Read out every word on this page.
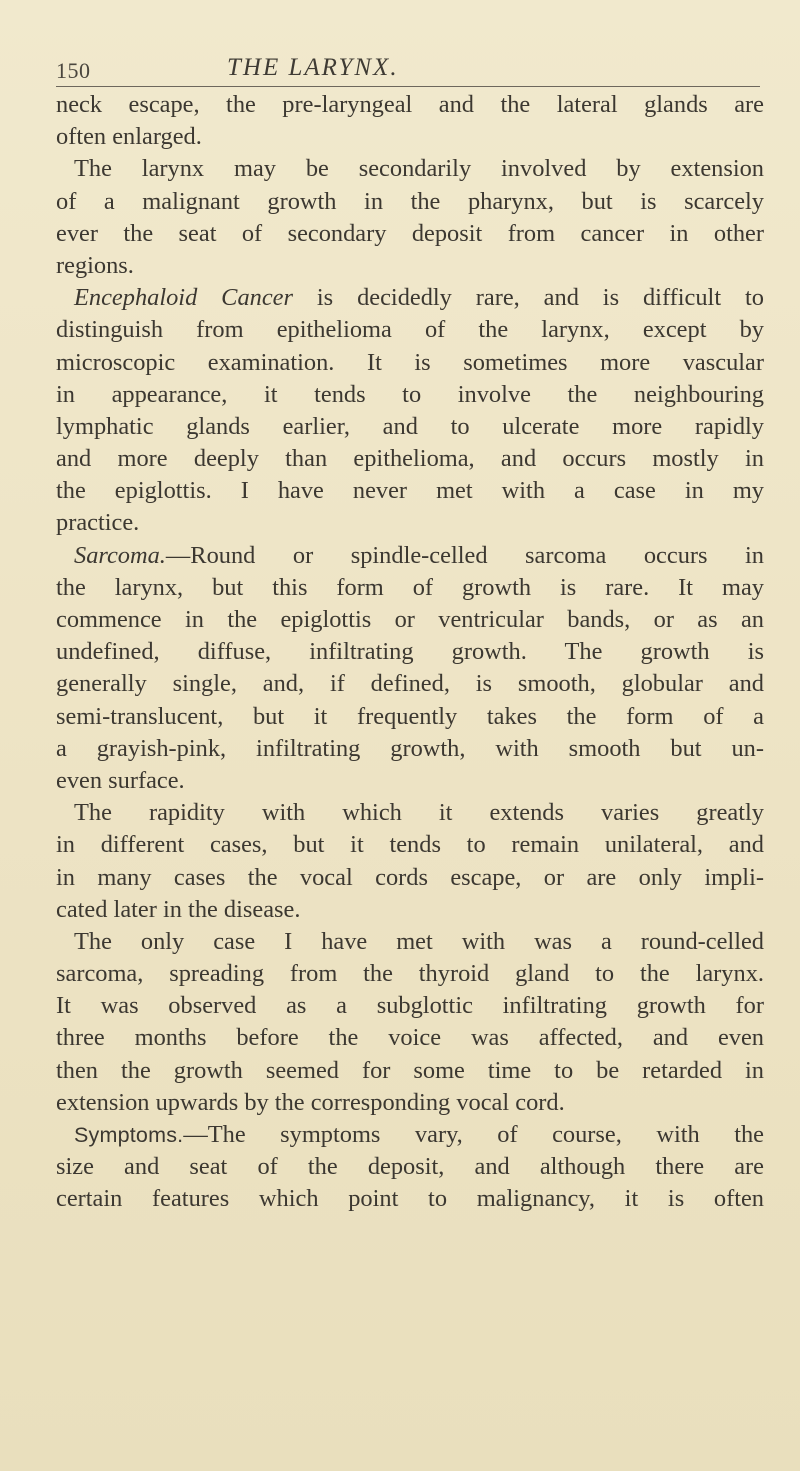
150	THE LARYNX.
neck escape, the pre-laryngeal and the lateral glands are
often enlarged.
The larynx may be secondarily involved by extension
of a malignant growth in the pharynx, but is scarcely
ever the seat of secondary deposit from cancer in other
regions.
Encephaloid Cancer is decidedly rare, and is difficult to
distinguish from epithelioma of the larynx, except by
microscopic examination. It is sometimes more vascular
in appearance, it tends to involve the neighbouring
lymphatic glands earlier, and to ulcerate more rapidly
and more deeply than epithelioma, and occurs mostly in
the epiglottis. I have never met with a case in my
practice.
Sarcoma.—Round or spindle-celled sarcoma occurs in
the larynx, but this form of growth is rare. It may
commence in the epiglottis or ventricular bands, or as an
undefined, diffuse, infiltrating growth. The growth is
generally single, and, if defined, is smooth, globular and
semi-translucent, but it frequently takes the form of a
a grayish-pink, infiltrating growth, with smooth but un-
even surface.
The rapidity with which it extends varies greatly
in different cases, but it tends to remain unilateral, and
in many cases the vocal cords escape, or are only impli-
cated later in the disease.
The only case I have met with was a round-celled
sarcoma, spreading from the thyroid gland to the larynx.
It was observed as a subglottic infiltrating growth for
three months before the voice was affected, and even
then the growth seemed for some time to be retarded in
extension upwards by the corresponding vocal cord.
Symptoms.—The symptoms vary, of course, with the
size and seat of the deposit, and although there are
certain features which point to malignancy, it is often
